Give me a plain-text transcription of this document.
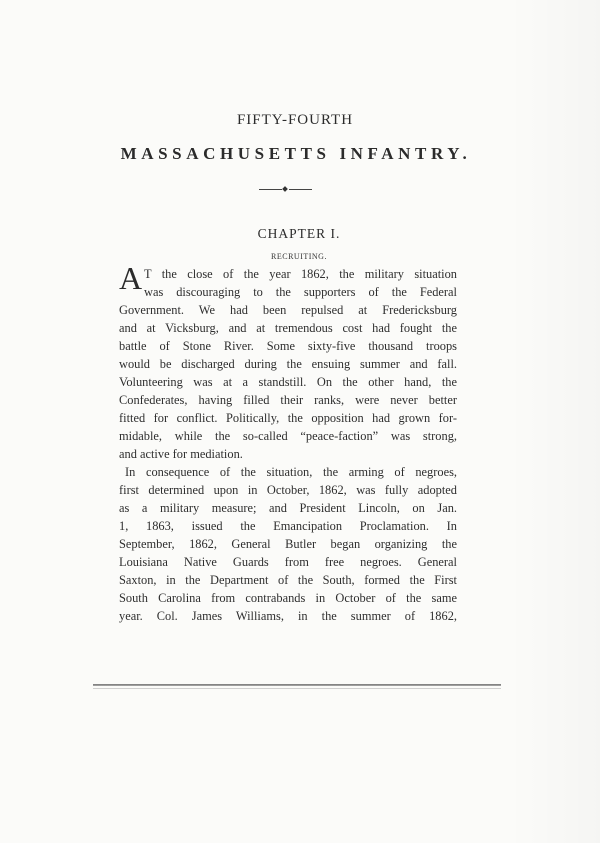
FIFTY-FOURTH
MASSACHUSETTS INFANTRY.
CHAPTER I.
RECRUITING.
A T the close of the year 1862, the military situation
was discouraging to the supporters of the Federal
Government. We had been repulsed at Fredericksburg
and at Vicksburg, and at tremendous cost had fought the
battle of Stone River. Some sixty-five thousand troops
would be discharged during the ensuing summer and fall.
Volunteering was at a standstill. On the other hand, the
Confederates, having filled their ranks, were never better
fitted for conflict. Politically, the opposition had grown for-
midable, while the so-called “peace-faction” was strong,
and active for mediation.
In consequence of the situation, the arming of negroes,
first determined upon in October, 1862, was fully adopted
as a military measure; and President Lincoln, on Jan.
1, 1863, issued the Emancipation Proclamation. In
September, 1862, General Butler began organizing the
Louisiana Native Guards from free negroes. General
Saxton, in the Department of the South, formed the First
South Carolina from contrabands in October of the same
year. Col. James Williams, in the summer of 1862,
